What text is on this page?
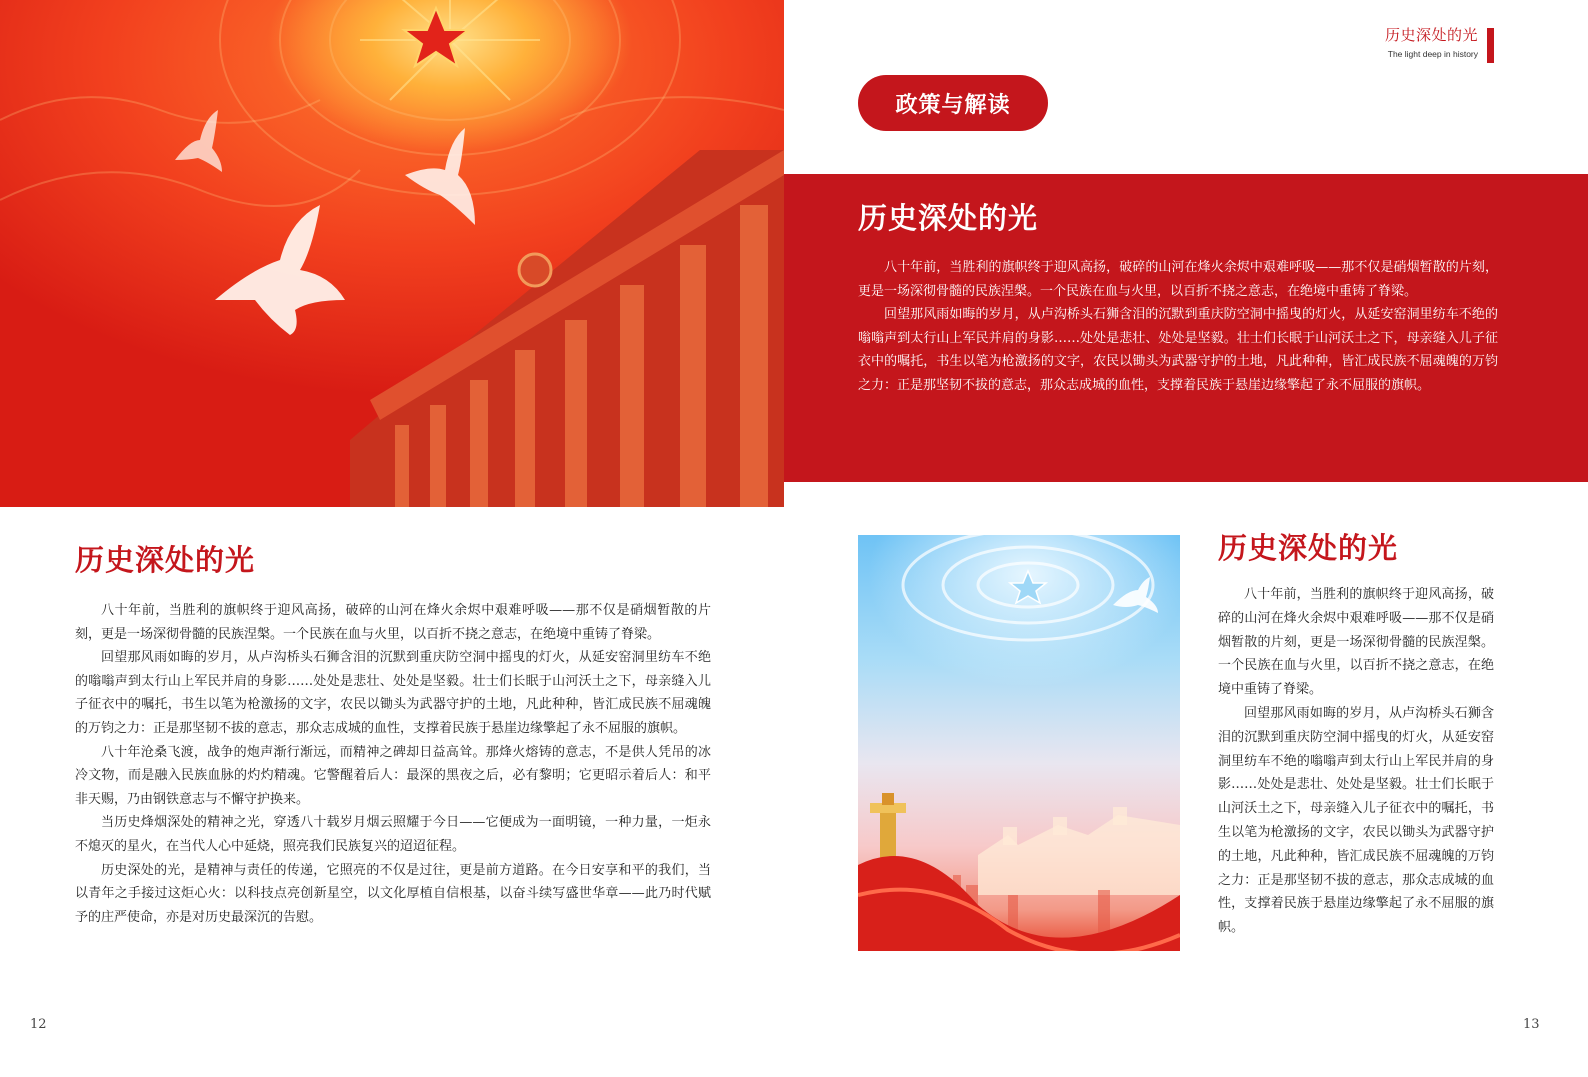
历史深处的光
The light deep in history
政策与解读
历史深处的光

八十年前，当胜利的旗帜终于迎风高扬，破碎的山河在烽火余烬中艰难呼吸——那不仅是硝烟暂散的片刻，更是一场深彻骨髓的民族涅槃。一个民族在血与火里，以百折不挠之意志，在绝境中重铸了脊梁。

回望那风雨如晦的岁月，从卢沟桥头石狮含泪的沉默到重庆防空洞中摇曳的灯火，从延安窑洞里纺车不绝的嗡嗡声到太行山上军民并肩的身影……处处是悲壮、处处是坚毅。壮士们长眠于山河沃土之下，母亲缝入儿子征衣中的嘱托，书生以笔为枪激扬的文字，农民以锄头为武器守护的土地，凡此种种，皆汇成民族不屈魂魄的万钧之力：正是那坚韧不拔的意志，那众志成城的血性，支撑着民族于悬崖边缘擎起了永不屈服的旗帜。

历史深处的光

八十年前，当胜利的旗帜终于迎风高扬，破碎的山河在烽火余烬中艰难呼吸——那不仅是硝烟暂散的片刻，更是一场深彻骨髓的民族涅槃。一个民族在血与火里，以百折不挠之意志，在绝境中重铸了脊梁。

回望那风雨如晦的岁月，从卢沟桥头石狮含泪的沉默到重庆防空洞中摇曳的灯火，从延安窑洞里纺车不绝的嗡嗡声到太行山上军民并肩的身影……处处是悲壮、处处是坚毅。壮士们长眠于山河沃土之下，母亲缝入儿子征衣中的嘱托，书生以笔为枪激扬的文字，农民以锄头为武器守护的土地，凡此种种，皆汇成民族不屈魂魄的万钧之力：正是那坚韧不拔的意志，那众志成城的血性，支撑着民族于悬崖边缘擎起了永不屈服的旗帜。

八十年沧桑飞渡，战争的炮声渐行渐远，而精神之碑却日益高耸。那烽火熔铸的意志，不是供人凭吊的冰冷文物，而是融入民族血脉的灼灼精魂。它警醒着后人：最深的黑夜之后，必有黎明；它更昭示着后人：和平非天赐，乃由钢铁意志与不懈守护换来。

当历史烽烟深处的精神之光，穿透八十载岁月烟云照耀于今日——它便成为一面明镜，一种力量，一炬永不熄灭的星火，在当代人心中延烧，照亮我们民族复兴的迢迢征程。

历史深处的光，是精神与责任的传递，它照亮的不仅是过往，更是前方道路。在今日安享和平的我们，当以青年之手接过这炬心火：以科技点亮创新星空，以文化厚植自信根基，以奋斗续写盛世华章——此乃时代赋予的庄严使命，亦是对历史最深沉的告慰。

历史深处的光

八十年前，当胜利的旗帜终于迎风高扬，破碎的山河在烽火余烬中艰难呼吸——那不仅是硝烟暂散的片刻，更是一场深彻骨髓的民族涅槃。一个民族在血与火里，以百折不挠之意志，在绝境中重铸了脊梁。

回望那风雨如晦的岁月，从卢沟桥头石狮含泪的沉默到重庆防空洞中摇曳的灯火，从延安窑洞里纺车不绝的嗡嗡声到太行山上军民并肩的身影……处处是悲壮、处处是坚毅。壮士们长眠于山河沃土之下，母亲缝入儿子征衣中的嘱托，书生以笔为枪激扬的文字，农民以锄头为武器守护的土地，凡此种种，皆汇成民族不屈魂魄的万钧之力：正是那坚韧不拔的意志，那众志成城的血性，支撑着民族于悬崖边缘擎起了永不屈服的旗帜。

12	13
